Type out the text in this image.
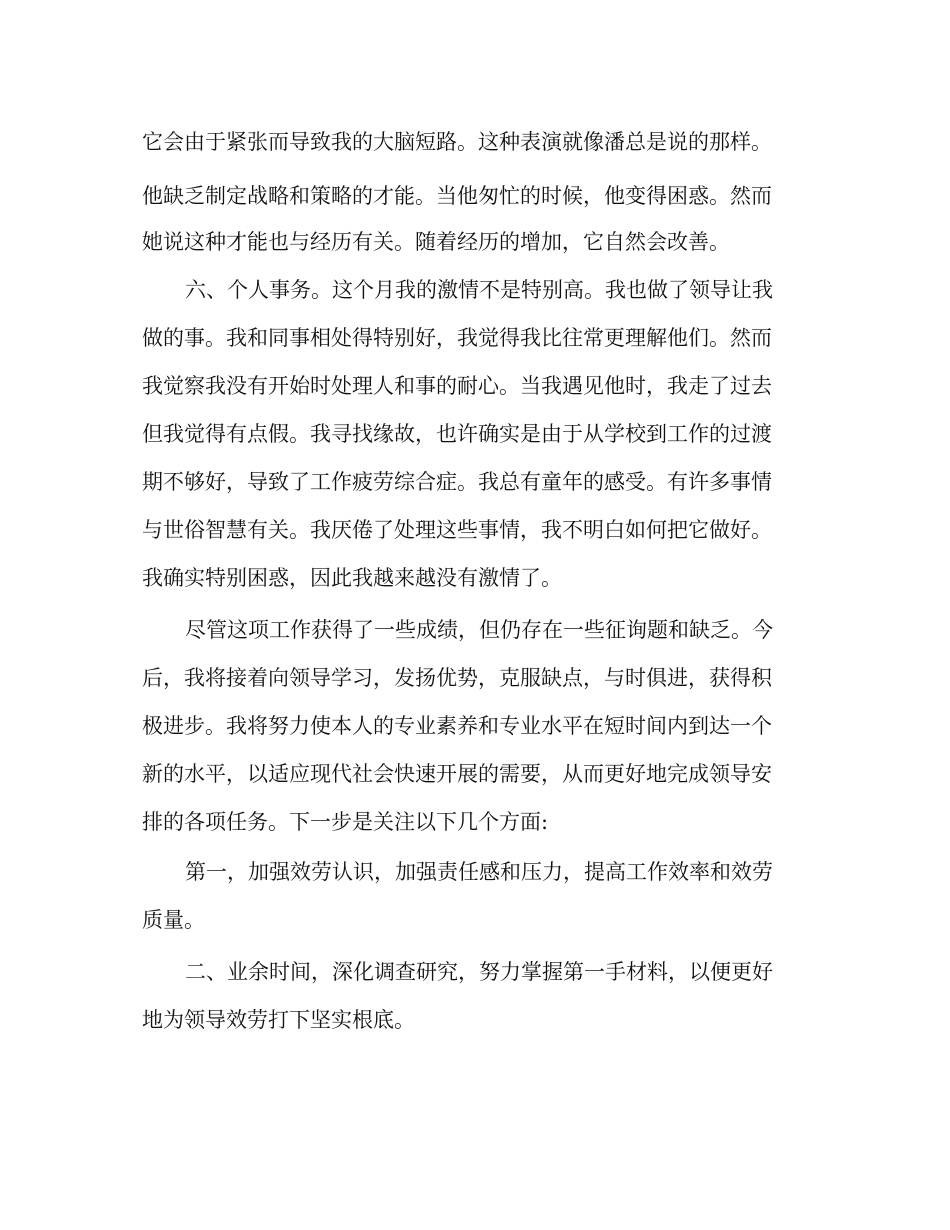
它会由于紧张而导致我的大脑短路。这种表演就像潘总是说的那样。
他缺乏制定战略和策略的才能。当他匆忙的时候，他变得困惑。然而
她说这种才能也与经历有关。随着经历的增加，它自然会改善。
六、个人事务。这个月我的激情不是特别高。我也做了领导让我
做的事。我和同事相处得特别好，我觉得我比往常更理解他们。然而
我觉察我没有开始时处理人和事的耐心。当我遇见他时，我走了过去
但我觉得有点假。我寻找缘故，也许确实是由于从学校到工作的过渡
期不够好，导致了工作疲劳综合症。我总有童年的感受。有许多事情
与世俗智慧有关。我厌倦了处理这些事情，我不明白如何把它做好。
我确实特别困惑，因此我越来越没有激情了。
尽管这项工作获得了一些成绩，但仍存在一些征询题和缺乏。今
后，我将接着向领导学习，发扬优势，克服缺点，与时俱进，获得积
极进步。我将努力使本人的专业素养和专业水平在短时间内到达一个
新的水平，以适应现代社会快速开展的需要，从而更好地完成领导安
排的各项任务。下一步是关注以下几个方面:
第一，加强效劳认识，加强责任感和压力，提高工作效率和效劳
质量。
二、业余时间，深化调查研究，努力掌握第一手材料，以便更好
地为领导效劳打下坚实根底。
